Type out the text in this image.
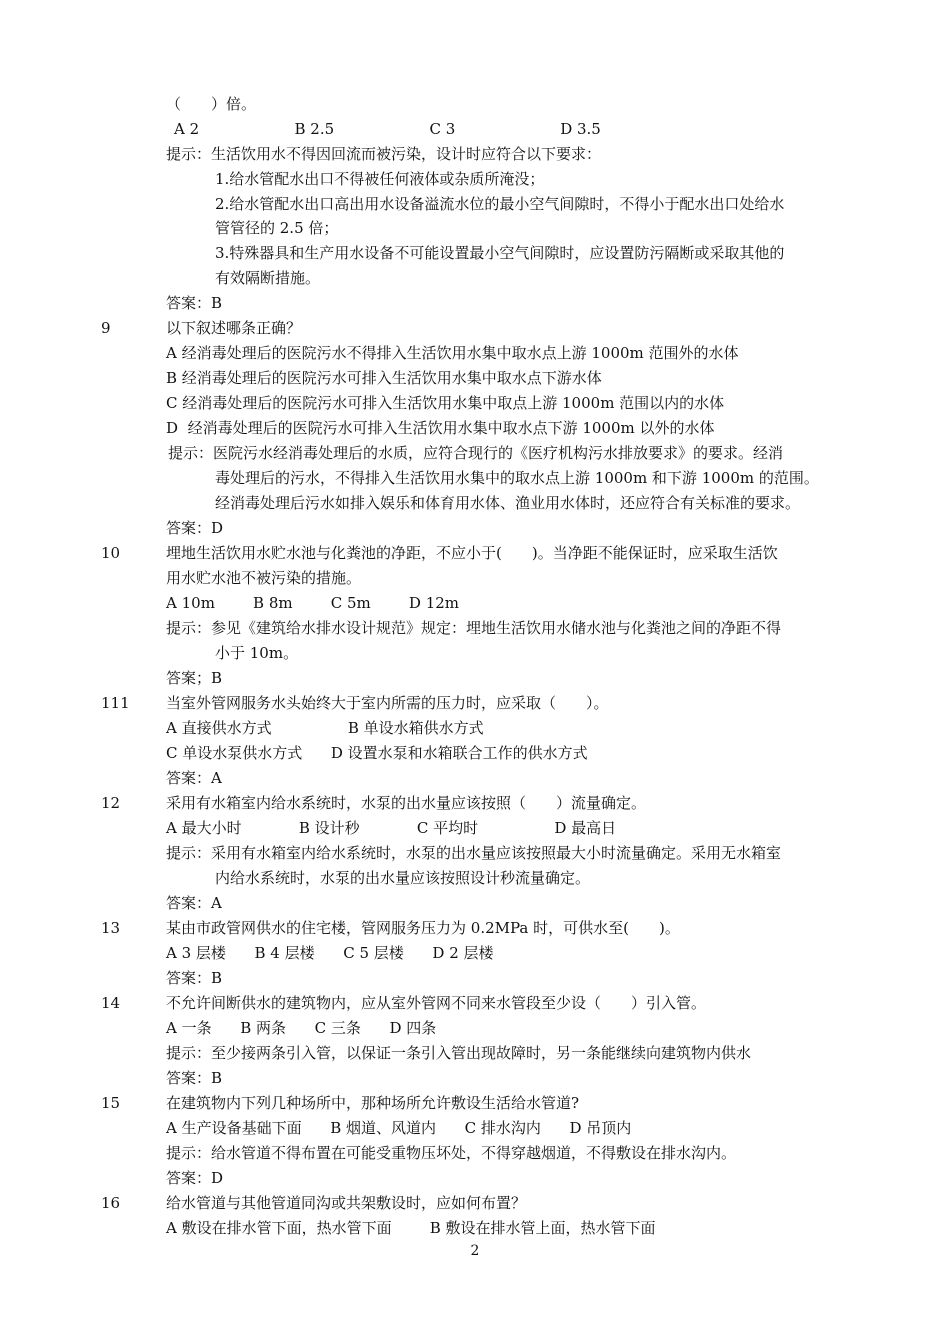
（　　）倍。
A 2                    B 2.5                    C 3                      D 3.5
提示：生活饮用水不得因回流而被污染，设计时应符合以下要求：
1.给水管配水出口不得被任何液体或杂质所淹没；
2.给水管配水出口高出用水设备溢流水位的最小空气间隙时，不得小于配水出口处给水
管管径的 2.5 倍；
3.特殊器具和生产用水设备不可能设置最小空气间隙时，应设置防污隔断或采取其他的
有效隔断措施。
答案：B
9	以下叙述哪条正确？
A 经消毒处理后的医院污水不得排入生活饮用水集中取水点上游 1000m 范围外的水体
B 经消毒处理后的医院污水可排入生活饮用水集中取水点下游水体
C 经消毒处理后的医院污水可排入生活饮用水集中取点上游 1000m 范围以内的水体
D  经消毒处理后的医院污水可排入生活饮用水集中取水点下游 1000m 以外的水体
提示：医院污水经消毒处理后的水质，应符合现行的《医疗机构污水排放要求》的要求。经消
毒处理后的污水，不得排入生活饮用水集中的取水点上游 1000m 和下游 1000m 的范围。
经消毒处理后污水如排入娱乐和体育用水体、渔业用水体时，还应符合有关标准的要求。
答案：D
10	埋地生活饮用水贮水池与化粪池的净距，不应小于(　　)。当净距不能保证时，应采取生活饮
用水贮水池不被污染的措施。
A 10m        B 8m        C 5m        D 12m
提示：参见《建筑给水排水设计规范》规定：埋地生活饮用水储水池与化粪池之间的净距不得
小于 10m。
答案；B
111 当室外管网服务水头始终大于室内所需的压力时，应采取（　　）。
A 直接供水方式                B 单设水箱供水方式
C 单设水泵供水方式      D 设置水泵和水箱联合工作的供水方式
答案：A
12	采用有水箱室内给水系统时，水泵的出水量应该按照（　　）流量确定。
A 最大小时            B 设计秒            C 平均时                D 最高日
提示：采用有水箱室内给水系统时，水泵的出水量应该按照最大小时流量确定。采用无水箱室
内给水系统时，水泵的出水量应该按照设计秒流量确定。
答案：A
13	某由市政管网供水的住宅楼，管网服务压力为 0.2MPa 时，可供水至(　　)。
A 3 层楼      B 4 层楼      C 5 层楼      D 2 层楼
答案：B
14	不允许间断供水的建筑物内，应从室外管网不同来水管段至少设（　　）引入管。
A 一条      B 两条      C 三条      D 四条
提示：至少接两条引入管，以保证一条引入管出现故障时，另一条能继续向建筑物内供水
答案：B
15	在建筑物内下列几种场所中，那种场所允许敷设生活给水管道?
A 生产设备基础下面      B 烟道、风道内      C 排水沟内      D 吊顶内
提示：给水管道不得布置在可能受重物压坏处，不得穿越烟道，不得敷设在排水沟内。
答案：D
16	给水管道与其他管道同沟或共架敷设时，应如何布置？
A 敷设在排水管下面，热水管下面        B 敷设在排水管上面，热水管下面
2
